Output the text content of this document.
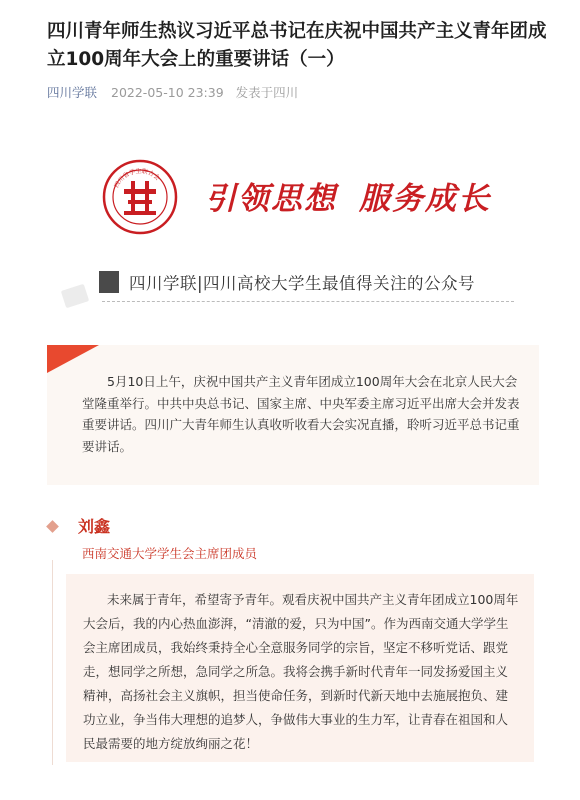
四川青年师生热议习近平总书记在庆祝中国共产主义青年团成立100周年大会上的重要讲话（一）
四川学联 2022-05-10 23:39 发表于四川
四川省学生联合会
引领思想 服务成长
四川学联|四川高校大学生最值得关注的公众号

5月10日上午，庆祝中国共产主义青年团成立100周年大会在北京人民大会堂隆重举行。中共中央总书记、国家主席、中央军委主席习近平出席大会并发表重要讲话。四川广大青年师生认真收听收看大会实况直播，聆听习近平总书记重要讲话。

刘鑫
西南交通大学学生会主席团成员

未来属于青年，希望寄予青年。观看庆祝中国共产主义青年团成立100周年大会后，我的内心热血澎湃，“清澈的爱，只为中国”。作为西南交通大学学生会主席团成员，我始终秉持全心全意服务同学的宗旨，坚定不移听党话、跟党走，想同学之所想，急同学之所急。我将会携手新时代青年一同发扬爱国主义精神，高扬社会主义旗帜，担当使命任务，到新时代新天地中去施展抱负、建功立业，争当伟大理想的追梦人，争做伟大事业的生力军，让青春在祖国和人民最需要的地方绽放绚丽之花！
